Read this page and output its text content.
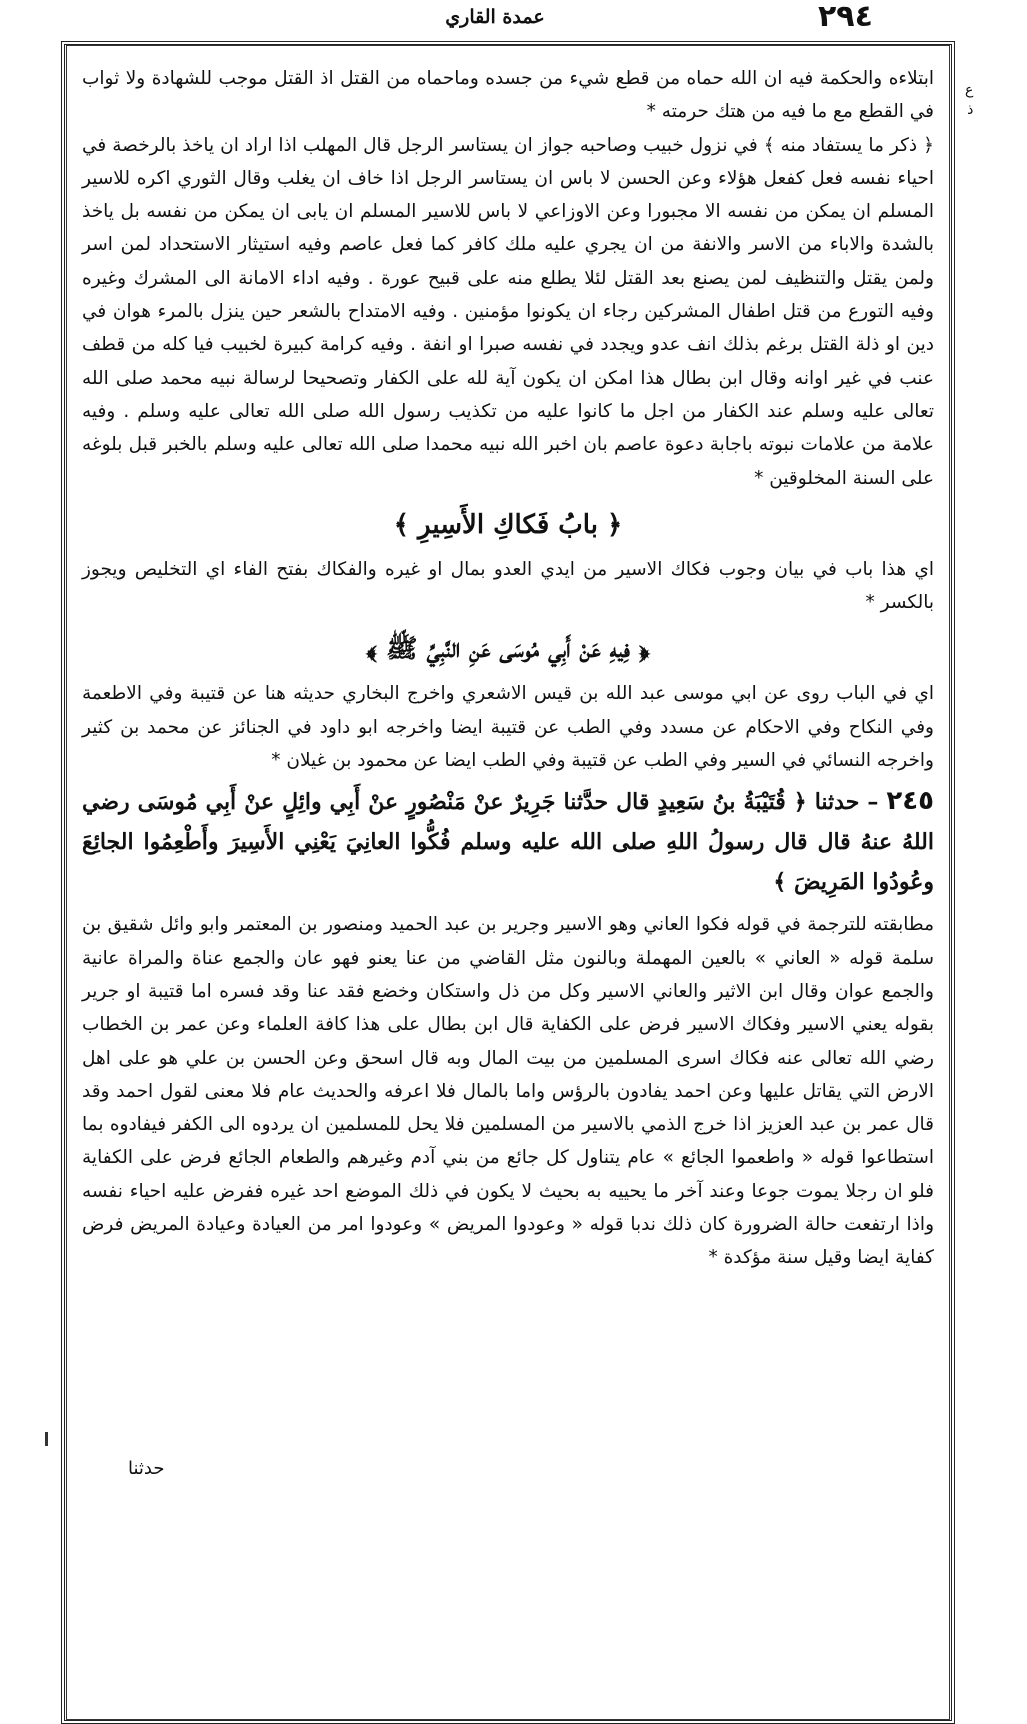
٢٩٤
عمدة القاري
ع
ذ

ابتلاءه والحكمة فيه ان الله حماه من قطع شيء من جسده وماحماه من القتل اذ القتل موجب للشهادة ولا ثواب في القطع مع ما فيه من هتك حرمته *

﴿ ذكر ما يستفاد منه ﴾ في نزول خبيب وصاحبه جواز ان يستاسر الرجل قال المهلب اذا اراد ان ياخذ بالرخصة في احياء نفسه فعل كفعل هؤلاء وعن الحسن لا باس ان يستاسر الرجل اذا خاف ان يغلب وقال الثوري اكره للاسير المسلم ان يمكن من نفسه الا مجبورا وعن الاوزاعي لا باس للاسير المسلم ان يابى ان يمكن من نفسه بل ياخذ بالشدة والاباء من الاسر والانفة من ان يجري عليه ملك كافر كما فعل عاصم وفيه استيثار الاستحداد لمن اسر ولمن يقتل والتنظيف لمن يصنع بعد القتل لئلا يطلع منه على قبيح عورة . وفيه اداء الامانة الى المشرك وغيره وفيه التورع من قتل اطفال المشركين رجاء ان يكونوا مؤمنين . وفيه الامتداح بالشعر حين ينزل بالمرء هوان في دين او ذلة القتل برغم بذلك انف عدو ويجدد في نفسه صبرا او انفة . وفيه كرامة كبيرة لخبيب فيا كله من قطف عنب في غير اوانه وقال ابن بطال هذا امكن ان يكون آية لله على الكفار وتصحيحا لرسالة نبيه محمد صلى الله تعالى عليه وسلم عند الكفار من اجل ما كانوا عليه من تكذيب رسول الله صلى الله تعالى عليه وسلم . وفيه علامة من علامات نبوته باجابة دعوة عاصم بان اخبر الله نبيه محمدا صلى الله تعالى عليه وسلم بالخبر قبل بلوغه على السنة المخلوقين *

﴿ بابُ فَكاكِ الأَسِيرِ ﴾

اي هذا باب في بيان وجوب فكاك الاسير من ايدي العدو بمال او غيره والفكاك بفتح الفاء اي التخليص ويجوز بالكسر *

﴿ فِيهِ عَنْ أَبِي مُوسَى عَنِ النَّبِيِّ ﷺ ﴾

اي في الباب روى عن ابي موسى عبد الله بن قيس الاشعري واخرج البخاري حديثه هنا عن قتيبة وفي الاطعمة وفي النكاح وفي الاحكام عن مسدد وفي الطب عن قتيبة ايضا واخرجه ابو داود في الجنائز عن محمد بن كثير واخرجه النسائي في السير وفي الطب عن قتيبة وفي الطب ايضا عن محمود بن غيلان *

٢٤٥ – حدثنا ﴿ قُتَيْبَةُ بنُ سَعِيدٍ قال حدَّثنا جَرِيرٌ عنْ مَنْصُورٍ عنْ أَبِي وائِلٍ عنْ أَبِي مُوسَى رضي اللهُ عنهُ قال قال رسولُ اللهِ صلى الله عليه وسلم فُكُّوا العانِيَ يَعْنِي الأَسِيرَ وأَطْعِمُوا الجائِعَ وعُودُوا المَرِيضَ ﴾

مطابقته للترجمة في قوله فكوا العاني وهو الاسير وجرير بن عبد الحميد ومنصور بن المعتمر وابو وائل شقيق بن سلمة قوله « العاني » بالعين المهملة وبالنون مثل القاضي من عنا يعنو فهو عان والجمع عناة والمراة عانية والجمع عوان وقال ابن الاثير والعاني الاسير وكل من ذل واستكان وخضع فقد عنا وقد فسره اما قتيبة او جرير بقوله يعني الاسير وفكاك الاسير فرض على الكفاية قال ابن بطال على هذا كافة العلماء وعن عمر بن الخطاب رضي الله تعالى عنه فكاك اسرى المسلمين من بيت المال وبه قال اسحق وعن الحسن بن علي هو على اهل الارض التي يقاتل عليها وعن احمد يفادون بالرؤس واما بالمال فلا اعرفه والحديث عام فلا معنى لقول احمد وقد قال عمر بن عبد العزيز اذا خرج الذمي بالاسير من المسلمين فلا يحل للمسلمين ان يردوه الى الكفر فيفادوه بما استطاعوا قوله « واطعموا الجائع » عام يتناول كل جائع من بني آدم وغيرهم والطعام الجائع فرض على الكفاية فلو ان رجلا يموت جوعا وعند آخر ما يحييه به بحيث لا يكون في ذلك الموضع احد غيره ففرض عليه احياء نفسه واذا ارتفعت حالة الضرورة كان ذلك ندبا قوله « وعودوا المريض » وعودوا امر من العيادة وعيادة المريض فرض كفاية ايضا وقيل سنة مؤكدة *

حدثنا
